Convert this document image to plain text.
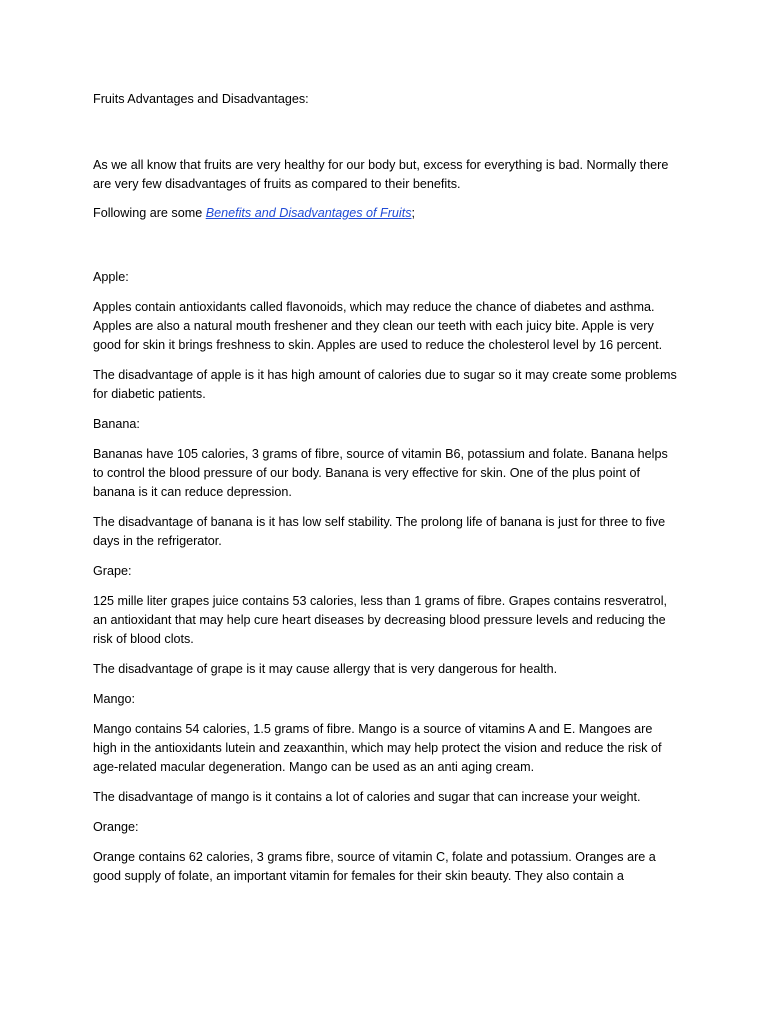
Fruits Advantages and Disadvantages:

As we all know that fruits are very healthy for our body but, excess for everything is bad. Normally there are very few disadvantages of fruits as compared to their benefits.

Following are some Benefits and Disadvantages of Fruits;

Apple:

Apples contain antioxidants called flavonoids, which may reduce the chance of diabetes and asthma. Apples are also a natural mouth freshener and they clean our teeth with each juicy bite. Apple is very good for skin it brings freshness to skin. Apples are used to reduce the cholesterol level by 16 percent.

The disadvantage of apple is it has high amount of calories due to sugar so it may create some problems for diabetic patients.

Banana:

Bananas have 105 calories, 3 grams of fibre, source of vitamin B6, potassium and folate. Banana helps to control the blood pressure of our body. Banana is very effective for skin. One of the plus point of banana is it can reduce depression.

The disadvantage of banana is it has low self stability. The prolong life of banana is just for three to five days in the refrigerator.

Grape:

125 mille liter grapes juice contains 53 calories, less than 1 grams of fibre. Grapes contains resveratrol, an antioxidant that may help cure heart diseases by decreasing blood pressure levels and reducing the risk of blood clots.

The disadvantage of grape is it may cause allergy that is very dangerous for health.

Mango:

Mango contains 54 calories, 1.5 grams of fibre. Mango is a source of vitamins A and E. Mangoes are high in the antioxidants lutein and zeaxanthin, which may help protect the vision and reduce the risk of age-related macular degeneration. Mango can be used as an anti aging cream.

The disadvantage of mango is it contains a lot of calories and sugar that can increase your weight.

Orange:

Orange contains 62 calories, 3 grams fibre, source of vitamin C, folate and potassium. Oranges are a good supply of folate, an important vitamin for females for their skin beauty. They also contain a
